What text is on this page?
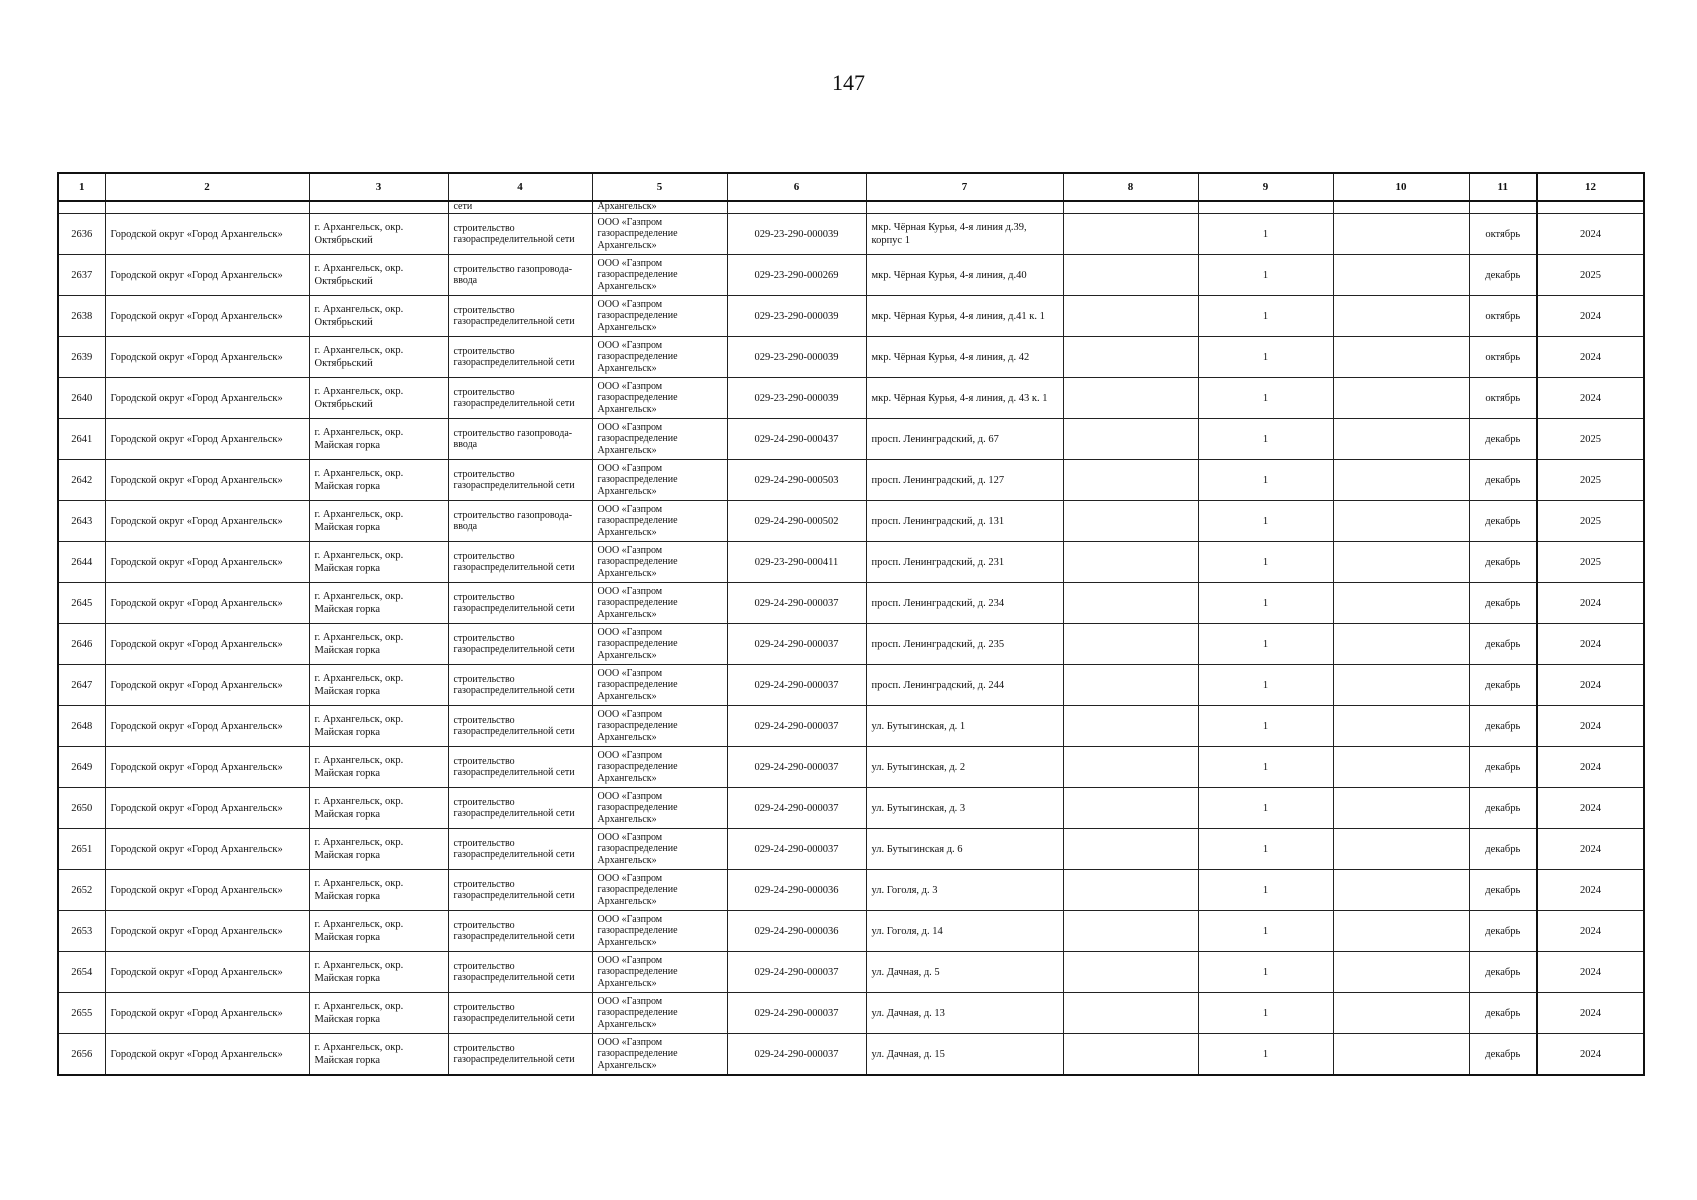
147
1	2	3	4	5	6	7	8	9	10	11	12
			сети	Архангельск»							
2636	Городской округ «Город Архангельск»	г. Архангельск, окр. Октябрьский	строительство газораспределительной сети	ООО «Газпром газораспределение Архангельск»	029-23-290-000039	мкр. Чёрная Курья, 4-я линия д.39, корпус 1		1		октябрь	2024
2637	Городской округ «Город Архангельск»	г. Архангельск, окр. Октябрьский	строительство газопровода-ввода	ООО «Газпром газораспределение Архангельск»	029-23-290-000269	мкр. Чёрная Курья, 4-я линия, д.40		1		декабрь	2025
2638	Городской округ «Город Архангельск»	г. Архангельск, окр. Октябрьский	строительство газораспределительной сети	ООО «Газпром газораспределение Архангельск»	029-23-290-000039	мкр. Чёрная Курья, 4-я линия, д.41 к. 1		1		октябрь	2024
2639	Городской округ «Город Архангельск»	г. Архангельск, окр. Октябрьский	строительство газораспределительной сети	ООО «Газпром газораспределение Архангельск»	029-23-290-000039	мкр. Чёрная Курья, 4-я линия, д. 42		1		октябрь	2024
2640	Городской округ «Город Архангельск»	г. Архангельск, окр. Октябрьский	строительство газораспределительной сети	ООО «Газпром газораспределение Архангельск»	029-23-290-000039	мкр. Чёрная Курья, 4-я линия, д. 43 к. 1		1		октябрь	2024
2641	Городской округ «Город Архангельск»	г. Архангельск, окр. Майская горка	строительство газопровода-ввода	ООО «Газпром газораспределение Архангельск»	029-24-290-000437	просп. Ленинградский, д. 67		1		декабрь	2025
2642	Городской округ «Город Архангельск»	г. Архангельск, окр. Майская горка	строительство газораспределительной сети	ООО «Газпром газораспределение Архангельск»	029-24-290-000503	просп. Ленинградский, д. 127		1		декабрь	2025
2643	Городской округ «Город Архангельск»	г. Архангельск, окр. Майская горка	строительство газопровода-ввода	ООО «Газпром газораспределение Архангельск»	029-24-290-000502	просп. Ленинградский, д. 131		1		декабрь	2025
2644	Городской округ «Город Архангельск»	г. Архангельск, окр. Майская горка	строительство газораспределительной сети	ООО «Газпром газораспределение Архангельск»	029-23-290-000411	просп. Ленинградский, д. 231		1		декабрь	2025
2645	Городской округ «Город Архангельск»	г. Архангельск, окр. Майская горка	строительство газораспределительной сети	ООО «Газпром газораспределение Архангельск»	029-24-290-000037	просп. Ленинградский, д. 234		1		декабрь	2024
2646	Городской округ «Город Архангельск»	г. Архангельск, окр. Майская горка	строительство газораспределительной сети	ООО «Газпром газораспределение Архангельск»	029-24-290-000037	просп. Ленинградский, д. 235		1		декабрь	2024
2647	Городской округ «Город Архангельск»	г. Архангельск, окр. Майская горка	строительство газораспределительной сети	ООО «Газпром газораспределение Архангельск»	029-24-290-000037	просп. Ленинградский, д. 244		1		декабрь	2024
2648	Городской округ «Город Архангельск»	г. Архангельск, окр. Майская горка	строительство газораспределительной сети	ООО «Газпром газораспределение Архангельск»	029-24-290-000037	ул. Бутыгинская, д. 1		1		декабрь	2024
2649	Городской округ «Город Архангельск»	г. Архангельск, окр. Майская горка	строительство газораспределительной сети	ООО «Газпром газораспределение Архангельск»	029-24-290-000037	ул. Бутыгинская, д. 2		1		декабрь	2024
2650	Городской округ «Город Архангельск»	г. Архангельск, окр. Майская горка	строительство газораспределительной сети	ООО «Газпром газораспределение Архангельск»	029-24-290-000037	ул. Бутыгинская, д. 3		1		декабрь	2024
2651	Городской округ «Город Архангельск»	г. Архангельск, окр. Майская горка	строительство газораспределительной сети	ООО «Газпром газораспределение Архангельск»	029-24-290-000037	ул. Бутыгинская д. 6		1		декабрь	2024
2652	Городской округ «Город Архангельск»	г. Архангельск, окр. Майская горка	строительство газораспределительной сети	ООО «Газпром газораспределение Архангельск»	029-24-290-000036	ул. Гоголя, д. 3		1		декабрь	2024
2653	Городской округ «Город Архангельск»	г. Архангельск, окр. Майская горка	строительство газораспределительной сети	ООО «Газпром газораспределение Архангельск»	029-24-290-000036	ул. Гоголя, д. 14		1		декабрь	2024
2654	Городской округ «Город Архангельск»	г. Архангельск, окр. Майская горка	строительство газораспределительной сети	ООО «Газпром газораспределение Архангельск»	029-24-290-000037	ул. Дачная, д. 5		1		декабрь	2024
2655	Городской округ «Город Архангельск»	г. Архангельск, окр. Майская горка	строительство газораспределительной сети	ООО «Газпром газораспределение Архангельск»	029-24-290-000037	ул. Дачная, д. 13		1		декабрь	2024
2656	Городской округ «Город Архангельск»	г. Архангельск, окр. Майская горка	строительство газораспределительной сети	ООО «Газпром газораспределение Архангельск»	029-24-290-000037	ул. Дачная, д. 15		1		декабрь	2024
